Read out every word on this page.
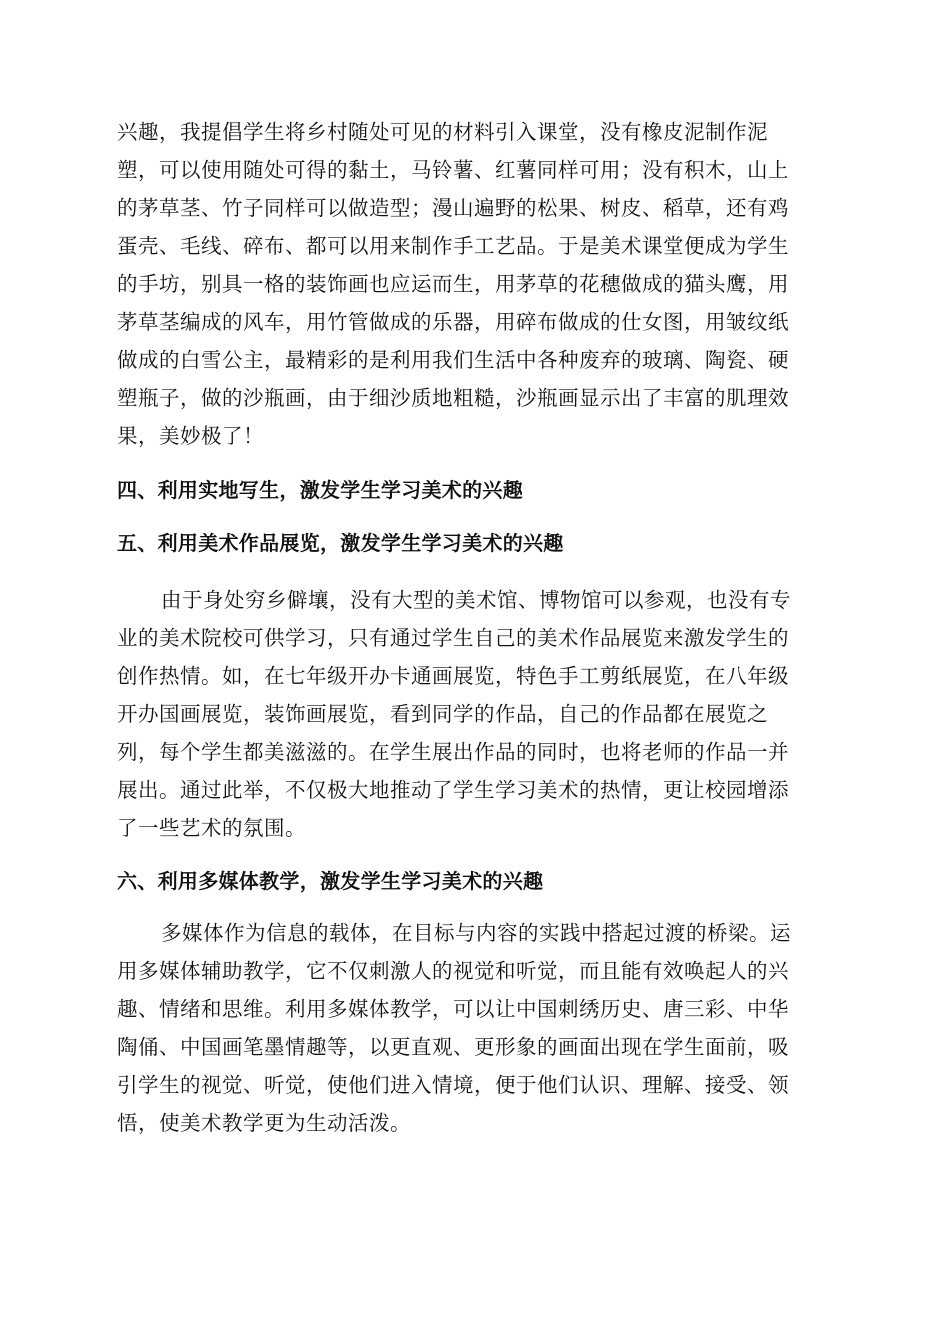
兴趣，我提倡学生将乡村随处可见的材料引入课堂，没有橡皮泥制作泥
塑，可以使用随处可得的黏土，马铃薯、红薯同样可用；没有积木，山上
的茅草茎、竹子同样可以做造型；漫山遍野的松果、树皮、稻草，还有鸡
蛋壳、毛线、碎布、都可以用来制作手工艺品。于是美术课堂便成为学生
的手坊，别具一格的装饰画也应运而生，用茅草的花穗做成的猫头鹰，用
茅草茎编成的风车，用竹管做成的乐器，用碎布做成的仕女图，用皱纹纸
做成的白雪公主，最精彩的是利用我们生活中各种废弃的玻璃、陶瓷、硬
塑瓶子，做的沙瓶画，由于细沙质地粗糙，沙瓶画显示出了丰富的肌理效
果，美妙极了！
四、利用实地写生，激发学生学习美术的兴趣
五、利用美术作品展览，激发学生学习美术的兴趣
由于身处穷乡僻壤，没有大型的美术馆、博物馆可以参观，也没有专
业的美术院校可供学习，只有通过学生自己的美术作品展览来激发学生的
创作热情。如，在七年级开办卡通画展览，特色手工剪纸展览，在八年级
开办国画展览，装饰画展览，看到同学的作品，自己的作品都在展览之
列，每个学生都美滋滋的。在学生展出作品的同时，也将老师的作品一并
展出。通过此举，不仅极大地推动了学生学习美术的热情，更让校园增添
了一些艺术的氛围。
六、利用多媒体教学，激发学生学习美术的兴趣
多媒体作为信息的载体，在目标与内容的实践中搭起过渡的桥梁。运
用多媒体辅助教学，它不仅刺激人的视觉和听觉，而且能有效唤起人的兴
趣、情绪和思维。利用多媒体教学，可以让中国刺绣历史、唐三彩、中华
陶俑、中国画笔墨情趣等，以更直观、更形象的画面出现在学生面前，吸
引学生的视觉、听觉，使他们进入情境，便于他们认识、理解、接受、领
悟，使美术教学更为生动活泼。
